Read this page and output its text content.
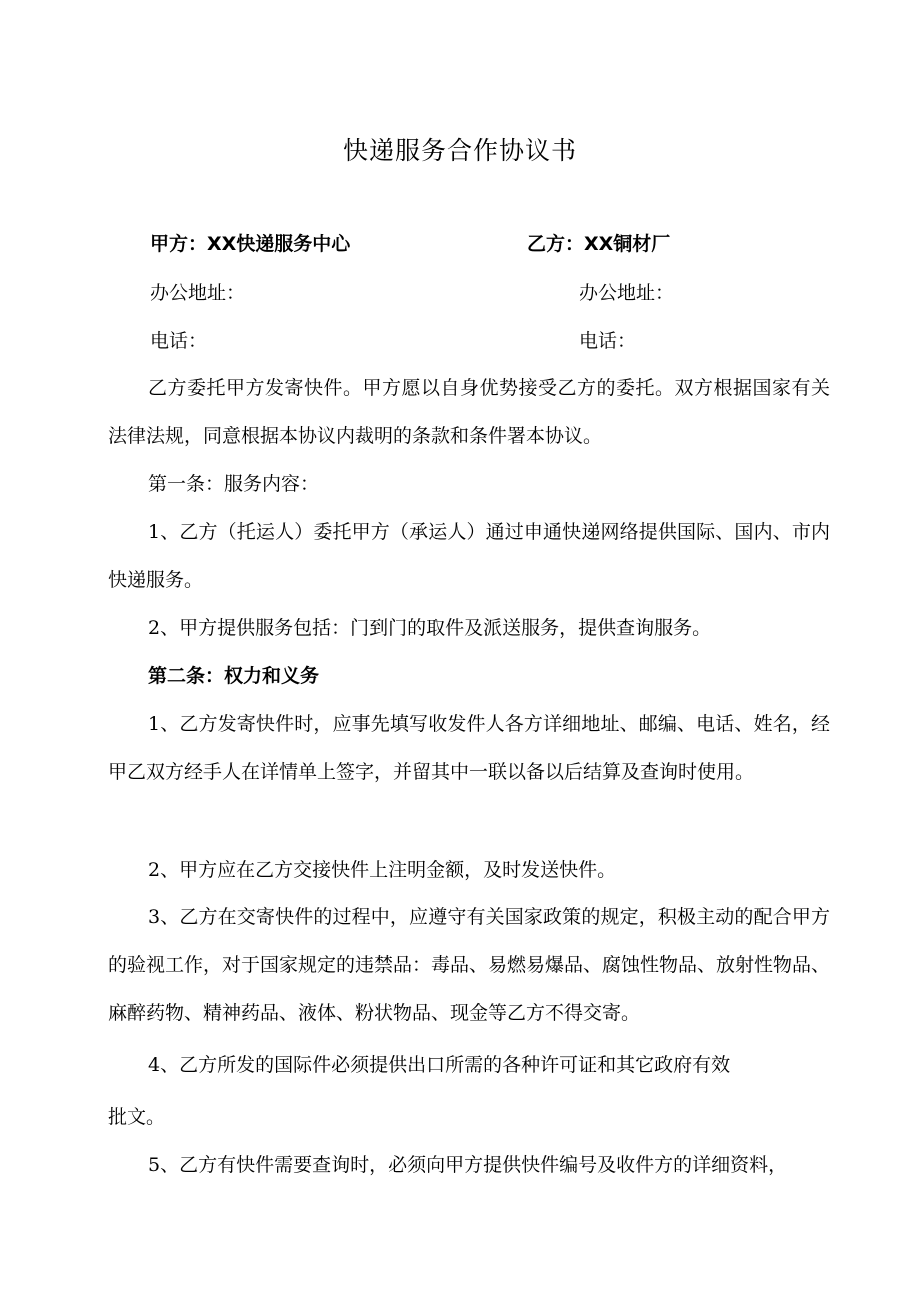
快递服务合作协议书
甲方：XX快递服务中心	乙方：XX铜材厂
办公地址：	办公地址：
电话：	电话：
乙方委托甲方发寄快件。甲方愿以自身优势接受乙方的委托。双方根据国家有关法律法规，同意根据本协议内裁明的条款和条件署本协议。
第一条：服务内容：
1、乙方（托运人）委托甲方（承运人）通过申通快递网络提供国际、国内、市内快递服务。
2、甲方提供服务包括：门到门的取件及派送服务，提供查询服务。
第二条：权力和义务
1、乙方发寄快件时，应事先填写收发件人各方详细地址、邮编、电话、姓名，经甲乙双方经手人在详情单上签字，并留其中一联以备以后结算及查询时使用。
2、甲方应在乙方交接快件上注明金额，及时发送快件。
3、乙方在交寄快件的过程中，应遵守有关国家政策的规定，积极主动的配合甲方的验视工作，对于国家规定的违禁品：毒品、易燃易爆品、腐蚀性物品、放射性物品、麻醉药物、精神药品、液体、粉状物品、现金等乙方不得交寄。
4、乙方所发的国际件必须提供出口所需的各种许可证和其它政府有效
批文。
5、乙方有快件需要查询时，必须向甲方提供快件编号及收件方的详细资料，
